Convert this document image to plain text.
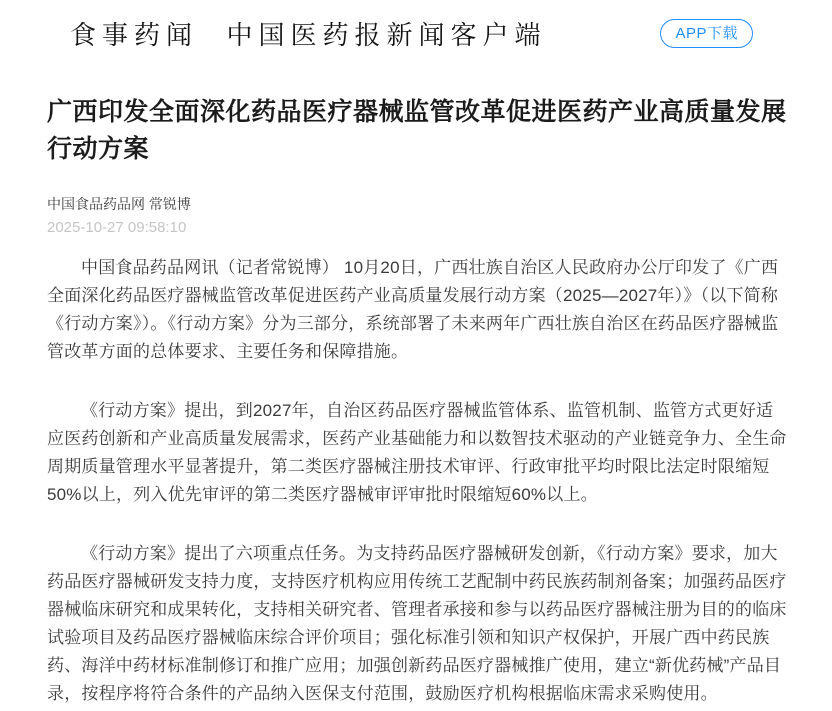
食事药闻 中国医药报新闻客户端	APP下载
广西印发全面深化药品医疗器械监管改革促进医药产业高质量发展行动方案
中国食品药品网 常锐博
2025-10-27 09:58:10

中国食品药品网讯（记者常锐博） 10月20日，广西壮族自治区人民政府办公厅印发了《广西全面深化药品医疗器械监管改革促进医药产业高质量发展行动方案（2025—2027年）》（以下简称《行动方案》）。《行动方案》分为三部分，系统部署了未来两年广西壮族自治区在药品医疗器械监管改革方面的总体要求、主要任务和保障措施。

《行动方案》提出，到2027年，自治区药品医疗器械监管体系、监管机制、监管方式更好适应医药创新和产业高质量发展需求，医药产业基础能力和以数智技术驱动的产业链竞争力、全生命周期质量管理水平显著提升，第二类医疗器械注册技术审评、行政审批平均时限比法定时限缩短50%以上，列入优先审评的第二类医疗器械审评审批时限缩短60%以上。

《行动方案》提出了六项重点任务。为支持药品医疗器械研发创新，《行动方案》要求，加大药品医疗器械研发支持力度，支持医疗机构应用传统工艺配制中药民族药制剂备案；加强药品医疗器械临床研究和成果转化，支持相关研究者、管理者承接和参与以药品医疗器械注册为目的的临床试验项目及药品医疗器械临床综合评价项目；强化标准引领和知识产权保护，开展广西中药民族药、海洋中药材标准制修订和推广应用；加强创新药品医疗器械推广使用，建立“新优药械”产品目录，按程序将符合条件的产品纳入医保支付范围，鼓励医疗机构根据临床需求采购使用。
